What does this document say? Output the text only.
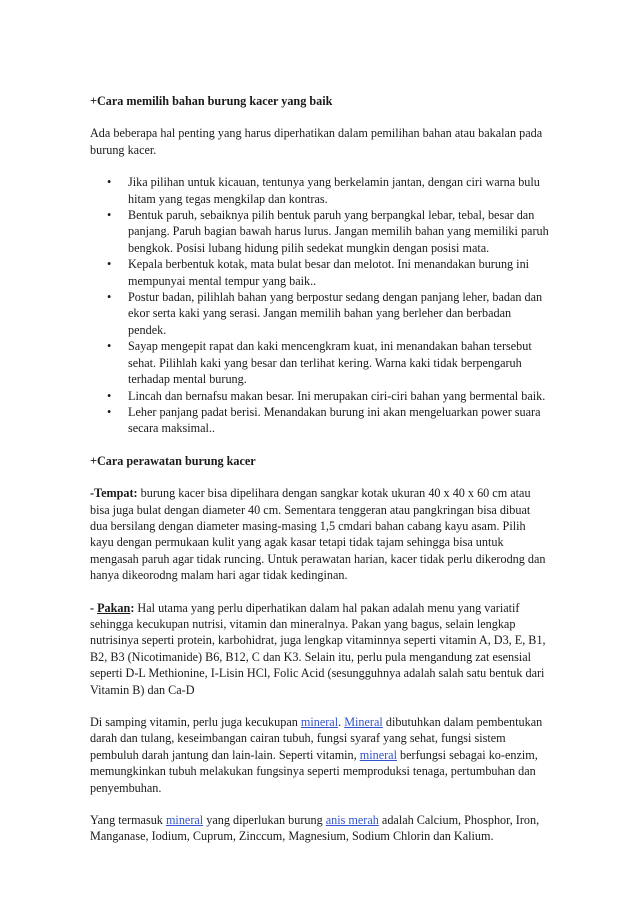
+Cara memilih bahan burung kacer yang baik

Ada beberapa hal penting yang harus diperhatikan dalam pemilihan bahan atau bakalan pada burung kacer.

• Jika pilihan untuk kicauan, tentunya yang berkelamin jantan, dengan ciri warna bulu hitam yang tegas mengkilap dan kontras.
• Bentuk paruh, sebaiknya pilih bentuk paruh yang berpangkal lebar, tebal, besar dan panjang. Paruh bagian bawah harus lurus. Jangan memilih bahan yang memiliki paruh bengkok. Posisi lubang hidung pilih sedekat mungkin dengan posisi mata.
• Kepala berbentuk kotak, mata bulat besar dan melotot. Ini menandakan burung ini mempunyai mental tempur yang baik..
• Postur badan, pilihlah bahan yang berpostur sedang dengan panjang leher, badan dan ekor serta kaki yang serasi. Jangan memilih bahan yang berleher dan berbadan pendek.
• Sayap mengepit rapat dan kaki mencengkram kuat, ini menandakan bahan tersebut sehat. Pilihlah kaki yang besar dan terlihat kering. Warna kaki tidak berpengaruh terhadap mental burung.
• Lincah dan bernafsu makan besar. Ini merupakan ciri-ciri bahan yang bermental baik.
• Leher panjang padat berisi. Menandakan burung ini akan mengeluarkan power suara secara maksimal..

+Cara perawatan burung kacer

-Tempat: burung kacer bisa dipelihara dengan sangkar kotak ukuran 40 x 40 x 60 cm atau bisa juga bulat dengan diameter 40 cm. Sementara tenggeran atau pangkringan bisa dibuat dua bersilang dengan diameter masing-masing 1,5 cmdari bahan cabang kayu asam. Pilih kayu dengan permukaan kulit yang agak kasar tetapi tidak tajam sehingga bisa untuk mengasah paruh agar tidak runcing. Untuk perawatan harian, kacer tidak perlu dikerodng dan hanya dikeorodng malam hari agar tidak kedinginan.

- Pakan: Hal utama yang perlu diperhatikan dalam hal pakan adalah menu yang variatif sehingga kecukupan nutrisi, vitamin dan mineralnya. Pakan yang bagus, selain lengkap nutrisinya seperti protein, karbohidrat, juga lengkap vitaminnya seperti vitamin A, D3, E, B1, B2, B3 (Nicotimanide) B6, B12, C dan K3. Selain itu, perlu pula mengandung zat esensial seperti D-L Methionine, I-Lisin HCl, Folic Acid (sesungguhnya adalah salah satu bentuk dari Vitamin B) dan Ca-D

Di samping vitamin, perlu juga kecukupan mineral. Mineral dibutuhkan dalam pembentukan darah dan tulang, keseimbangan cairan tubuh, fungsi syaraf yang sehat, fungsi sistem pembuluh darah jantung dan lain-lain. Seperti vitamin, mineral berfungsi sebagai ko-enzim, memungkinkan tubuh melakukan fungsinya seperti memproduksi tenaga, pertumbuhan dan penyembuhan.

Yang termasuk mineral yang diperlukan burung anis merah adalah Calcium, Phosphor, Iron, Manganase, Iodium, Cuprum, Zinccum, Magnesium, Sodium Chlorin dan Kalium.
